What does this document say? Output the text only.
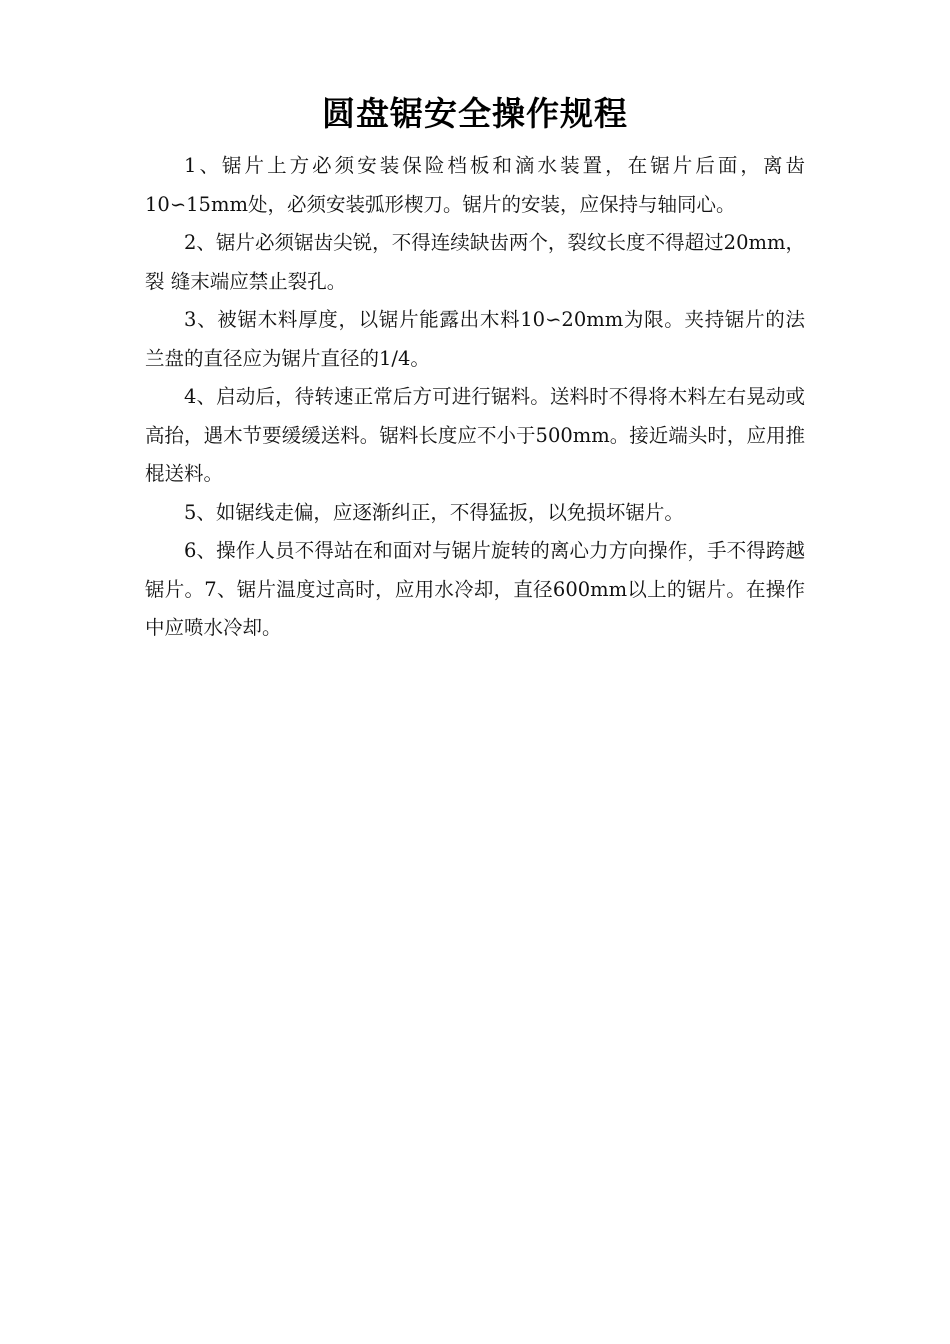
圆盘锯安全操作规程

1、锯片上方必须安装保险档板和滴水装置，在锯片后面，离齿10∽15mm处，必须安装弧形楔刀。锯片的安装，应保持与轴同心。

2、锯片必须锯齿尖锐，不得连续缺齿两个，裂纹长度不得超过20mm，裂 缝末端应禁止裂孔。

3、被锯木料厚度，以锯片能露出木料10∽20mm为限。夹持锯片的法兰盘的直径应为锯片直径的1/4。

4、启动后，待转速正常后方可进行锯料。送料时不得将木料左右晃动或高抬，遇木节要缓缓送料。锯料长度应不小于500mm。接近端头时，应用推棍送料。

5、如锯线走偏，应逐渐纠正，不得猛扳，以免损坏锯片。

6、操作人员不得站在和面对与锯片旋转的离心力方向操作，手不得跨越锯片。7、锯片温度过高时，应用水冷却，直径600mm以上的锯片。在操作中应喷水冷却。
